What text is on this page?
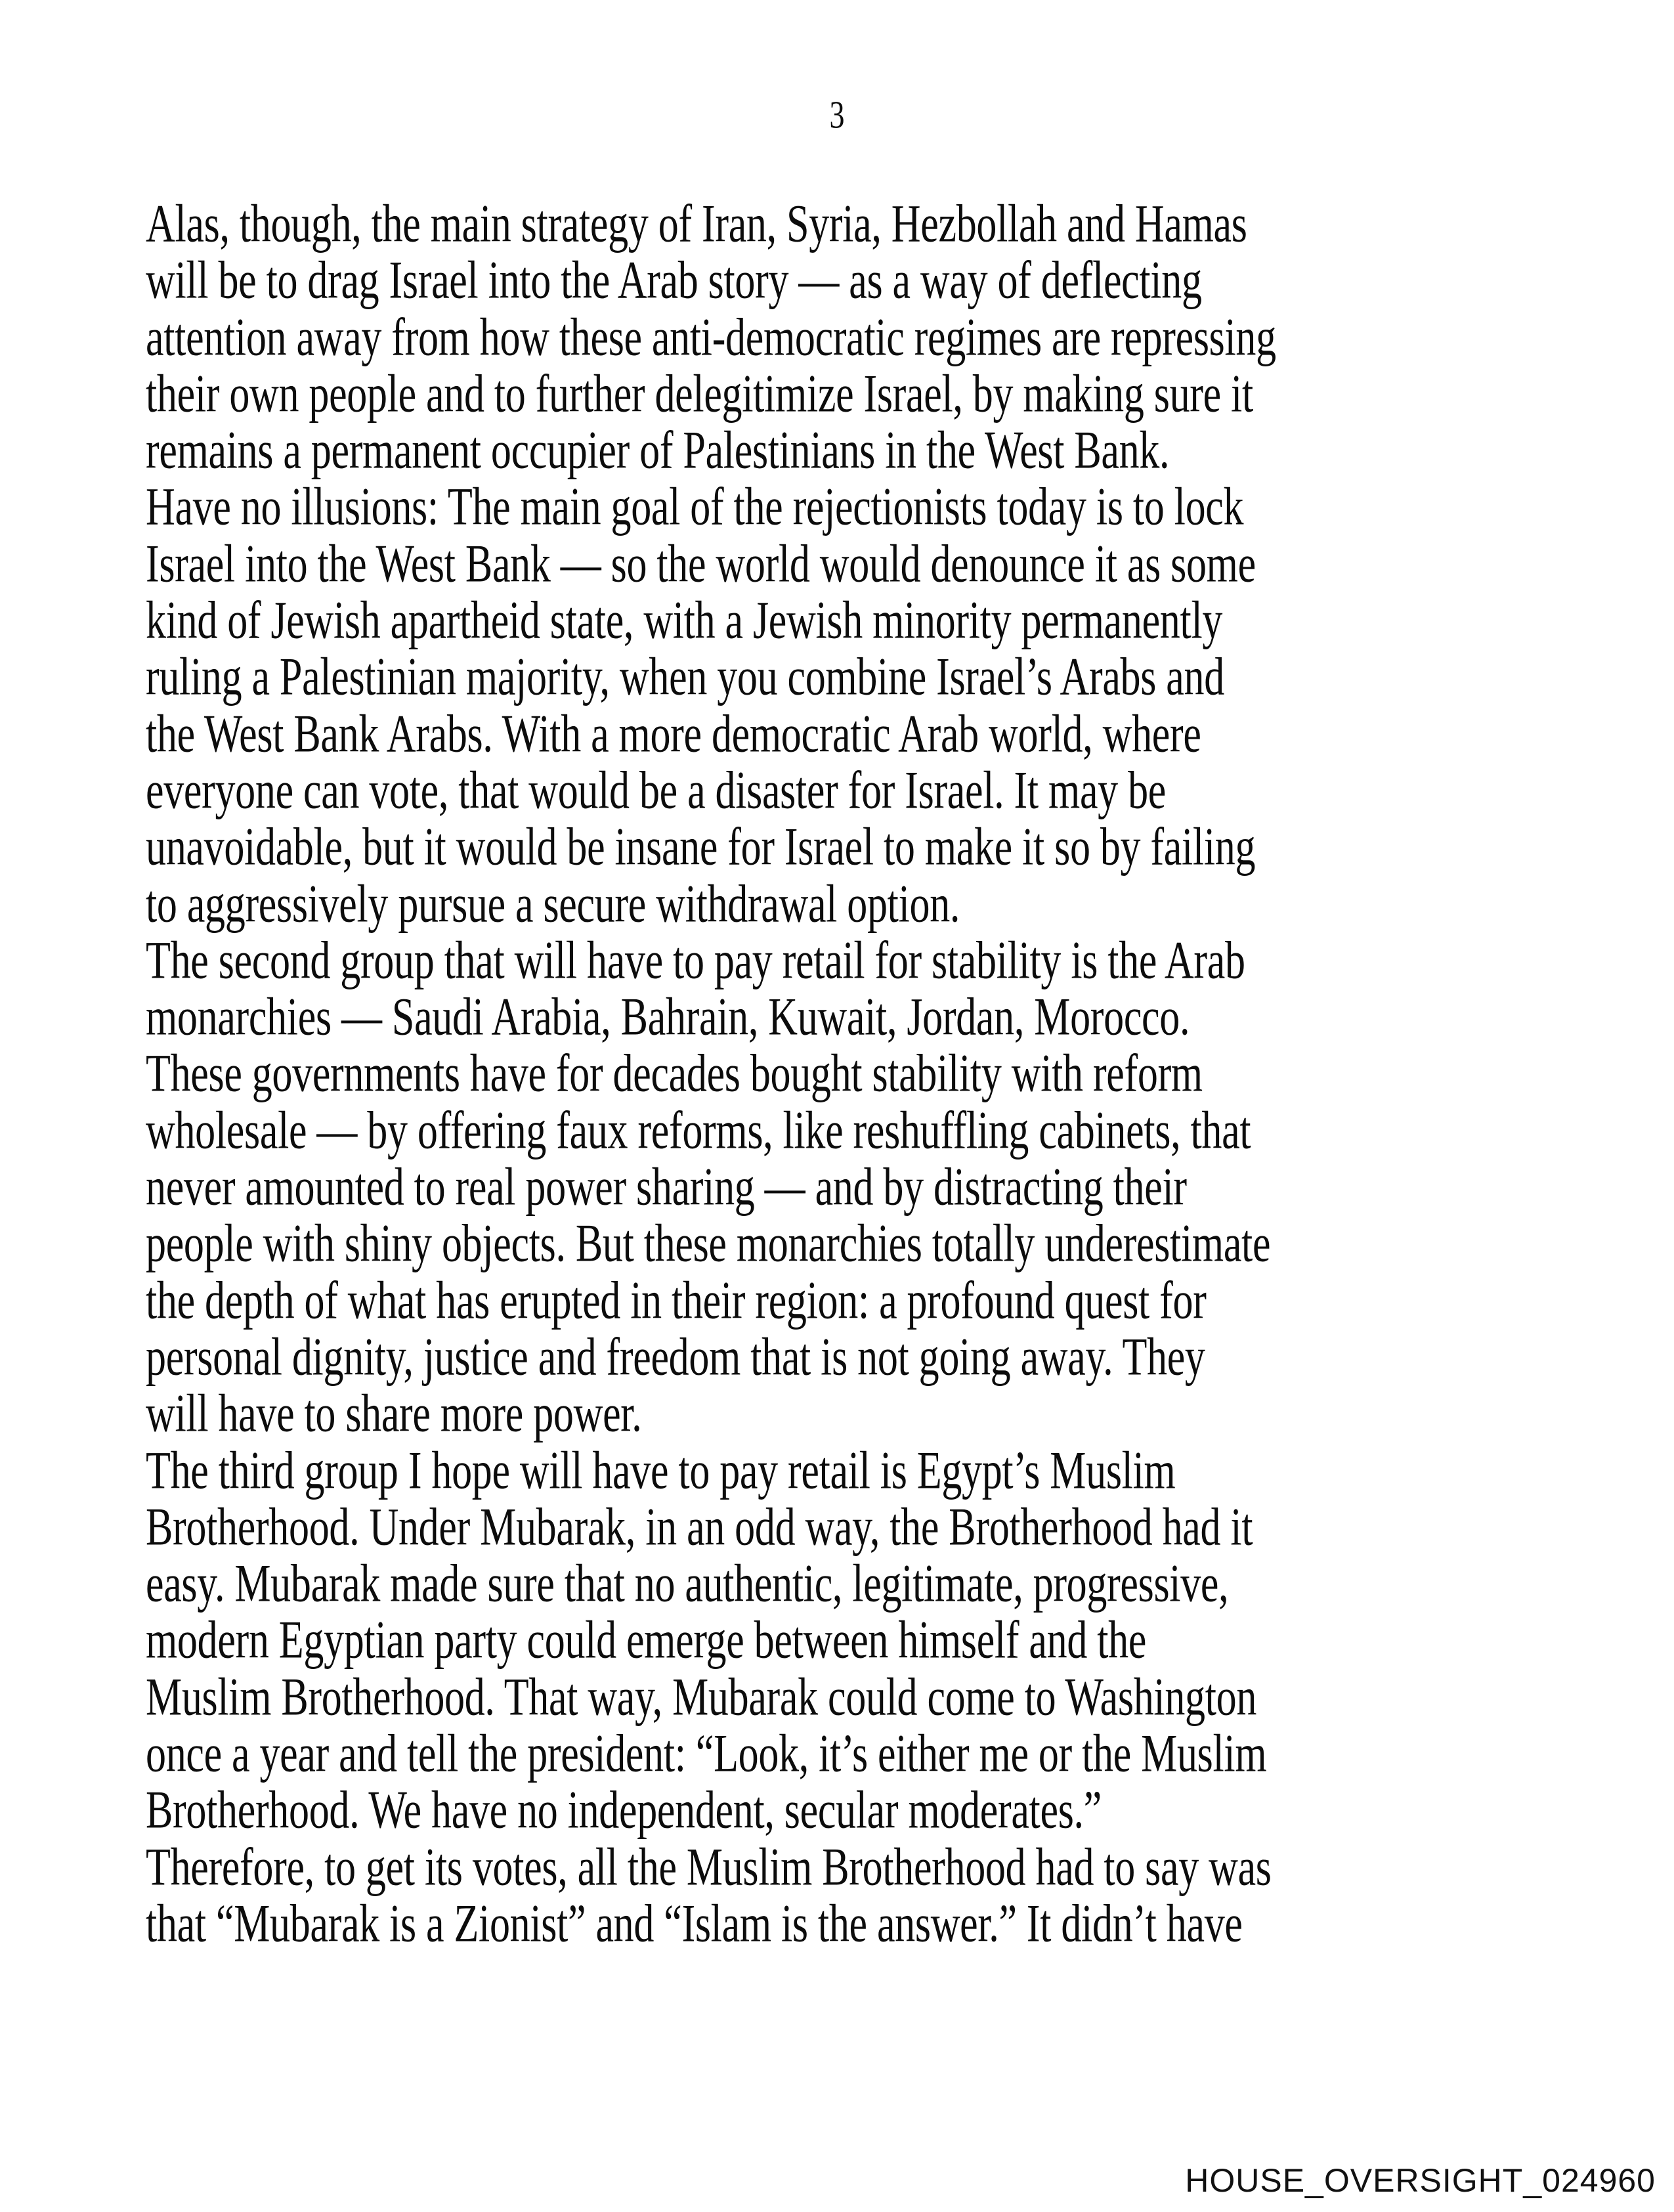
3
Alas, though, the main strategy of Iran, Syria, Hezbollah and Hamas
will be to drag Israel into the Arab story — as a way of deflecting
attention away from how these anti-democratic regimes are repressing
their own people and to further delegitimize Israel, by making sure it
remains a permanent occupier of Palestinians in the West Bank.
Have no illusions: The main goal of the rejectionists today is to lock
Israel into the West Bank — so the world would denounce it as some
kind of Jewish apartheid state, with a Jewish minority permanently
ruling a Palestinian majority, when you combine Israel’s Arabs and
the West Bank Arabs. With a more democratic Arab world, where
everyone can vote, that would be a disaster for Israel. It may be
unavoidable, but it would be insane for Israel to make it so by failing
to aggressively pursue a secure withdrawal option.
The second group that will have to pay retail for stability is the Arab
monarchies — Saudi Arabia, Bahrain, Kuwait, Jordan, Morocco.
These governments have for decades bought stability with reform
wholesale — by offering faux reforms, like reshuffling cabinets, that
never amounted to real power sharing — and by distracting their
people with shiny objects. But these monarchies totally underestimate
the depth of what has erupted in their region: a profound quest for
personal dignity, justice and freedom that is not going away. They
will have to share more power.
The third group I hope will have to pay retail is Egypt’s Muslim
Brotherhood. Under Mubarak, in an odd way, the Brotherhood had it
easy. Mubarak made sure that no authentic, legitimate, progressive,
modern Egyptian party could emerge between himself and the
Muslim Brotherhood. That way, Mubarak could come to Washington
once a year and tell the president: “Look, it’s either me or the Muslim
Brotherhood. We have no independent, secular moderates.”
Therefore, to get its votes, all the Muslim Brotherhood had to say was
that “Mubarak is a Zionist” and “Islam is the answer.” It didn’t have
HOUSE_OVERSIGHT_024960
